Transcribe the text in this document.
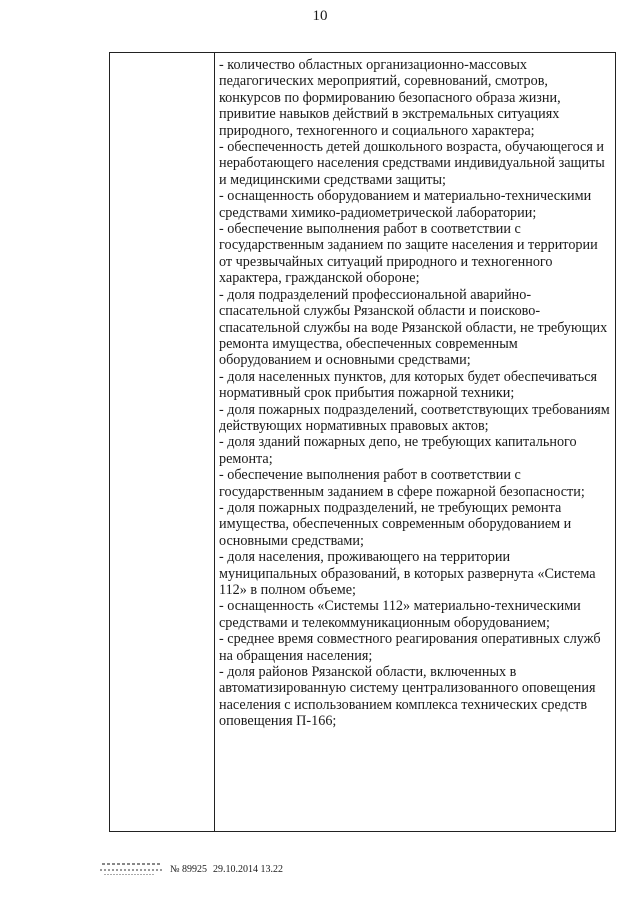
10

- количество областных организационно-массовых педагогических мероприятий, соревнований, смотров, конкурсов по формированию безопасного образа жизни, привитие навыков действий в экстремальных ситуациях природного, техногенного и социального характера;

- обеспеченность детей дошкольного возраста, обучающегося и неработающего населения средствами индивидуальной защиты и медицинскими средствами защиты;

- оснащенность оборудованием и материально-техническими средствами химико-радиометрической лаборатории;

- обеспечение выполнения работ в соответствии с государственным заданием по защите населения и территории от чрезвычайных ситуаций природного и техногенного характера, гражданской обороне;

- доля подразделений профессиональной аварийно-спасательной службы Рязанской области и поисково-спасательной службы на воде Рязанской области, не требующих ремонта имущества, обеспеченных современным оборудованием и основными средствами;

- доля населенных пунктов, для которых будет обеспечиваться нормативный срок прибытия пожарной техники;

- доля пожарных подразделений, соответствующих требованиям действующих нормативных правовых актов;

- доля зданий пожарных депо, не требующих капитального ремонта;

- обеспечение выполнения работ в соответствии с государственным заданием в сфере пожарной безопасности;

- доля пожарных подразделений, не требующих ремонта имущества, обеспеченных современным оборудованием и основными средствами;

- доля населения, проживающего на территории муниципальных образований, в которых развернута «Система 112» в полном объеме;

- оснащенность «Системы 112» материально-техническими средствами и телекоммуникационным оборудованием;

- среднее время совместного реагирования оперативных служб на обращения населения;

- доля районов Рязанской области, включенных в автоматизированную систему централизованного оповещения населения с использованием комплекса технических средств оповещения П-166;

№ 89925 29.10.2014 13.22
